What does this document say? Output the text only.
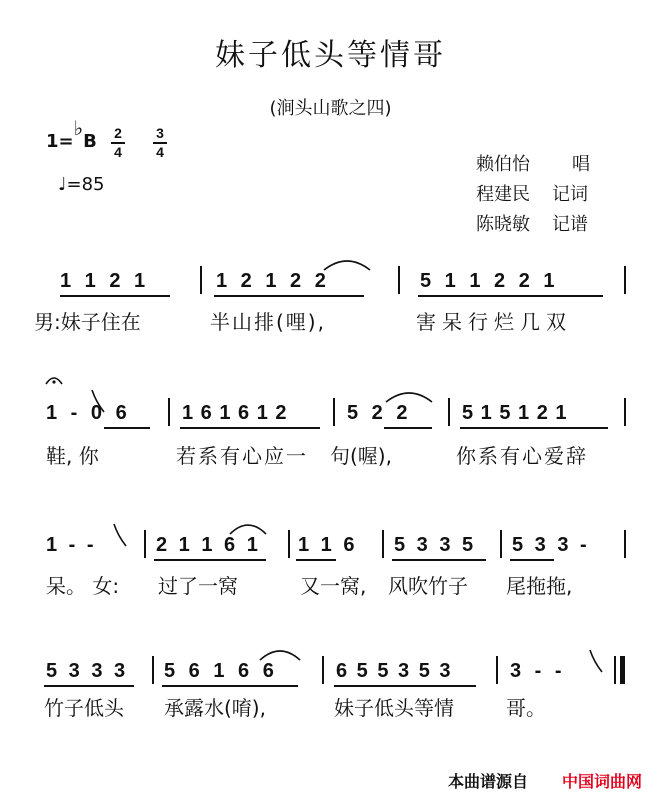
妹子低头等情哥
(涧头山歌之四)
1=♭B 2
4
3
4
♩=85
赖伯怡 唱
程建民 记词
陈晓敏 记谱
1 1 2 1	1 2 1 2 2	5 1 1 2 2 1
男:妹子住在	半山排(哩),	害呆行烂几双
1 - 0 6	1 6 1 6 1 2	5 2 2	5 1 5 1 2 1
鞋, 你	若系有心应一 句(喔),	你系有心爱辞
1 - -	2 1 1 6 1 1 1 6 5 3 3 5 5 3 3 -
呆。 女: 过了一窝	又一窝, 风吹竹子 尾拖拖,
5 3 3 3 5 6 1 6 6	6 5 5 3 5 3	3 - -
竹子低头 承露水(唷),	妹子低头等情	哥。
本曲谱源自 中国词曲网
